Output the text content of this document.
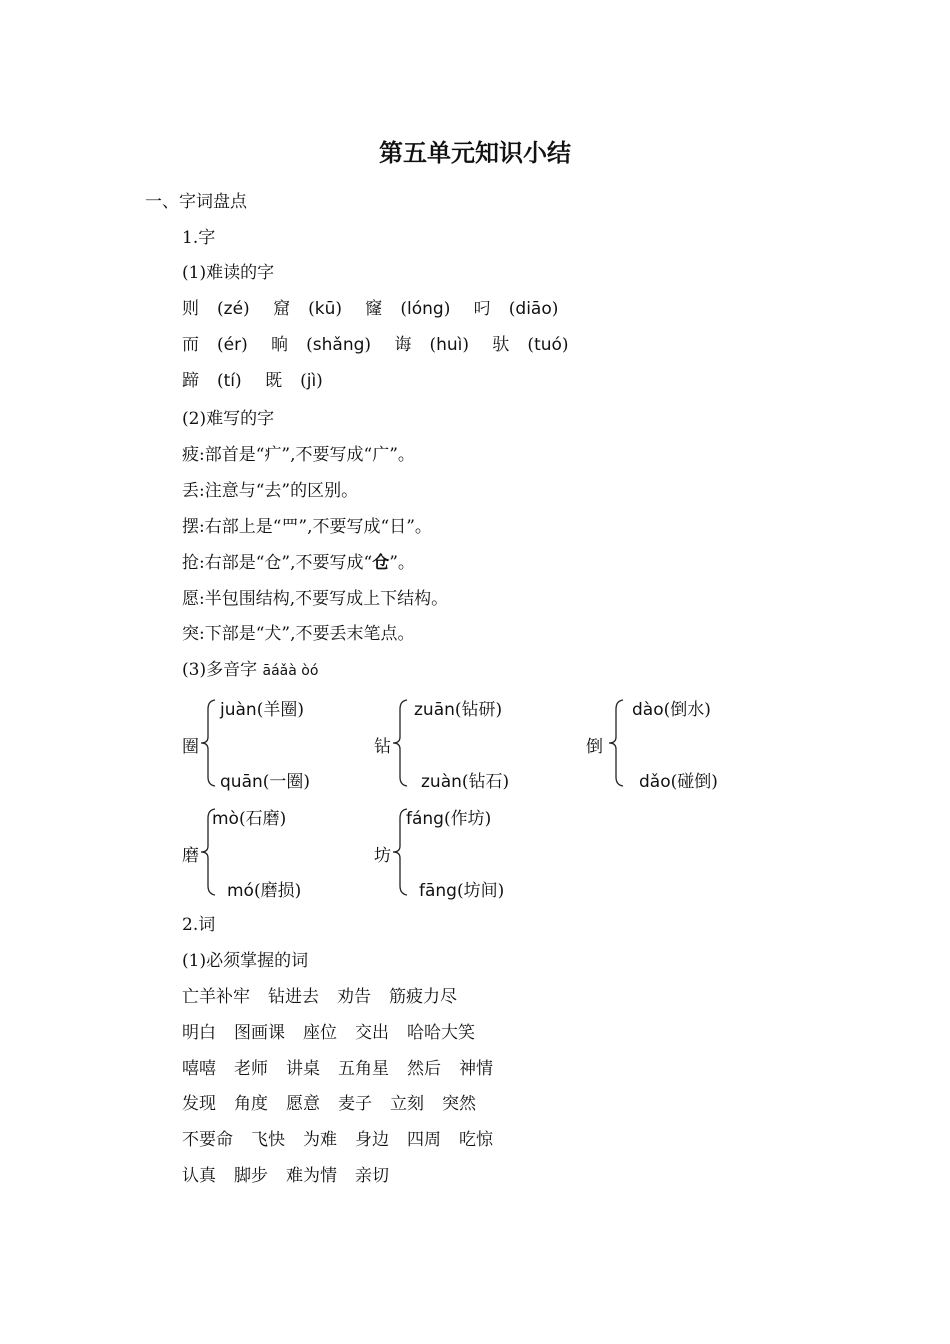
第五单元知识小结
一、字词盘点
1.字
(1)难读的字
则 (zé) 窟 (kū) 窿 (lóng) 叼 (diāo)
而 (ér) 晌 (shǎng) 诲 (huì) 驮 (tuó)
蹄 (tí) 既 (jì)
(2)难写的字
疲:部首是“疒”,不要写成“广”。
丢:注意与“去”的区别。
摆:右部上是“罒”,不要写成“日”。
抢:右部是“仓”,不要写成“仓”。
愿:半包围结构,不要写成上下结构。
突:下部是“犬”,不要丢末笔点。
(3)多音字 āáǎà òó
圈
juàn(羊圈)
quān(一圈)
钻
zuān(钻研)
zuàn(钻石)
倒
dào(倒水)
dǎo(碰倒)
磨
mò(石磨)
mó(磨损)
坊
fáng(作坊)
fāng(坊间)
2.词
(1)必须掌握的词
亡羊补牢 钻进去 劝告 筋疲力尽
明白 图画课 座位 交出 哈哈大笑
嘻嘻 老师 讲桌 五角星 然后 神情
发现 角度 愿意 麦子 立刻 突然
不要命 飞快 为难 身边 四周 吃惊
认真 脚步 难为情 亲切
